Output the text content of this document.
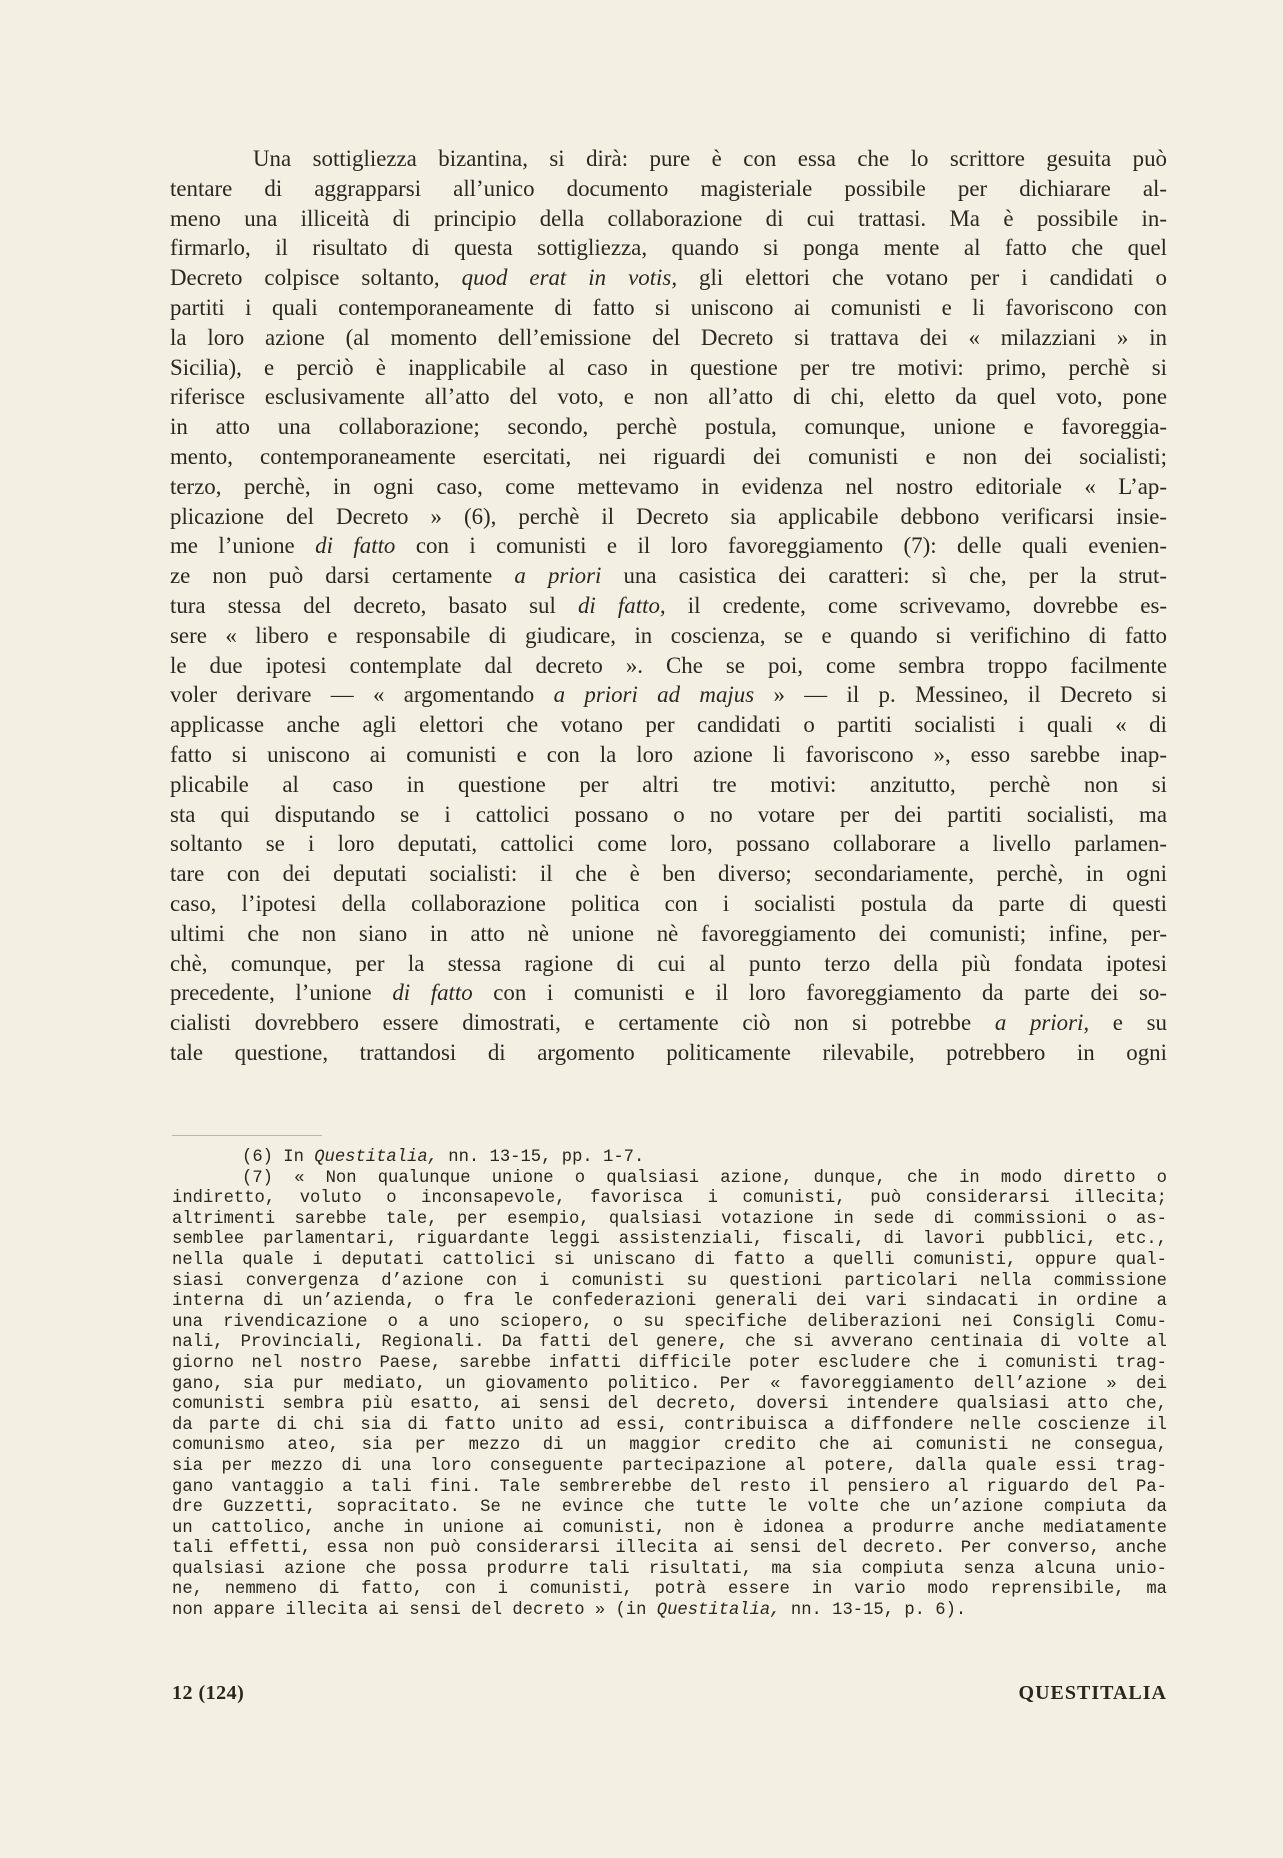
Una sottigliezza bizantina, si dirà: pure è con essa che lo scrittore gesuita può
tentare di aggrapparsi all’unico documento magisteriale possibile per dichiarare al-
meno una illiceità di principio della collaborazione di cui trattasi. Ma è possibile in-
firmarlo, il risultato di questa sottigliezza, quando si ponga mente al fatto che quel
Decreto colpisce soltanto, quod erat in votis, gli elettori che votano per i candidati o
partiti i quali contemporaneamente di fatto si uniscono ai comunisti e li favoriscono con
la loro azione (al momento dell’emissione del Decreto si trattava dei « milazziani » in
Sicilia), e perciò è inapplicabile al caso in questione per tre motivi: primo, perchè si
riferisce esclusivamente all’atto del voto, e non all’atto di chi, eletto da quel voto, pone
in atto una collaborazione; secondo, perchè postula, comunque, unione e favoreggia-
mento, contemporaneamente esercitati, nei riguardi dei comunisti e non dei socialisti;
terzo, perchè, in ogni caso, come mettevamo in evidenza nel nostro editoriale « L’ap-
plicazione del Decreto » (6), perchè il Decreto sia applicabile debbono verificarsi insie-
me l’unione di fatto con i comunisti e il loro favoreggiamento (7): delle quali evenien-
ze non può darsi certamente a priori una casistica dei caratteri: sì che, per la strut-
tura stessa del decreto, basato sul di fatto, il credente, come scrivevamo, dovrebbe es-
sere « libero e responsabile di giudicare, in coscienza, se e quando si verifichino di fatto
le due ipotesi contemplate dal decreto ». Che se poi, come sembra troppo facilmente
voler derivare — « argomentando a priori ad majus » — il p. Messineo, il Decreto si
applicasse anche agli elettori che votano per candidati o partiti socialisti i quali « di
fatto si uniscono ai comunisti e con la loro azione li favoriscono », esso sarebbe inap-
plicabile al caso in questione per altri tre motivi: anzitutto, perchè non si
sta qui disputando se i cattolici possano o no votare per dei partiti socialisti, ma
soltanto se i loro deputati, cattolici come loro, possano collaborare a livello parlamen-
tare con dei deputati socialisti: il che è ben diverso; secondariamente, perchè, in ogni
caso, l’ipotesi della collaborazione politica con i socialisti postula da parte di questi
ultimi che non siano in atto nè unione nè favoreggiamento dei comunisti; infine, per-
chè, comunque, per la stessa ragione di cui al punto terzo della più fondata ipotesi
precedente, l’unione di fatto con i comunisti e il loro favoreggiamento da parte dei so-
cialisti dovrebbero essere dimostrati, e certamente ciò non si potrebbe a priori, e su
tale questione, trattandosi di argomento politicamente rilevabile, potrebbero in ogni
(6) In Questitalia, nn. 13-15, pp. 1-7.
(7) « Non qualunque unione o qualsiasi azione, dunque, che in modo diretto o
indiretto, voluto o inconsapevole, favorisca i comunisti, può considerarsi illecita;
altrimenti sarebbe tale, per esempio, qualsiasi votazione in sede di commissioni o as-
semblee parlamentari, riguardante leggi assistenziali, fiscali, di lavori pubblici, etc.,
nella quale i deputati cattolici si uniscano di fatto a quelli comunisti, oppure qual-
siasi convergenza d’azione con i comunisti su questioni particolari nella commissione
interna di un’azienda, o fra le confederazioni generali dei vari sindacati in ordine a
una rivendicazione o a uno sciopero, o su specifiche deliberazioni nei Consigli Comu-
nali, Provinciali, Regionali. Da fatti del genere, che si avverano centinaia di volte al
giorno nel nostro Paese, sarebbe infatti difficile poter escludere che i comunisti trag-
gano, sia pur mediato, un giovamento politico. Per « favoreggiamento dell’azione » dei
comunisti sembra più esatto, ai sensi del decreto, doversi intendere qualsiasi atto che,
da parte di chi sia di fatto unito ad essi, contribuisca a diffondere nelle coscienze il
comunismo ateo, sia per mezzo di un maggior credito che ai comunisti ne consegua,
sia per mezzo di una loro conseguente partecipazione al potere, dalla quale essi trag-
gano vantaggio a tali fini. Tale sembrerebbe del resto il pensiero al riguardo del Pa-
dre Guzzetti, sopracitato. Se ne evince che tutte le volte che un’azione compiuta da
un cattolico, anche in unione ai comunisti, non è idonea a produrre anche mediatamente
tali effetti, essa non può considerarsi illecita ai sensi del decreto. Per converso, anche
qualsiasi azione che possa produrre tali risultati, ma sia compiuta senza alcuna unio-
ne, nemmeno di fatto, con i comunisti, potrà essere in vario modo reprensibile, ma
non appare illecita ai sensi del decreto » (in Questitalia, nn. 13-15, p. 6).
12 (124)	QUESTITALIA
